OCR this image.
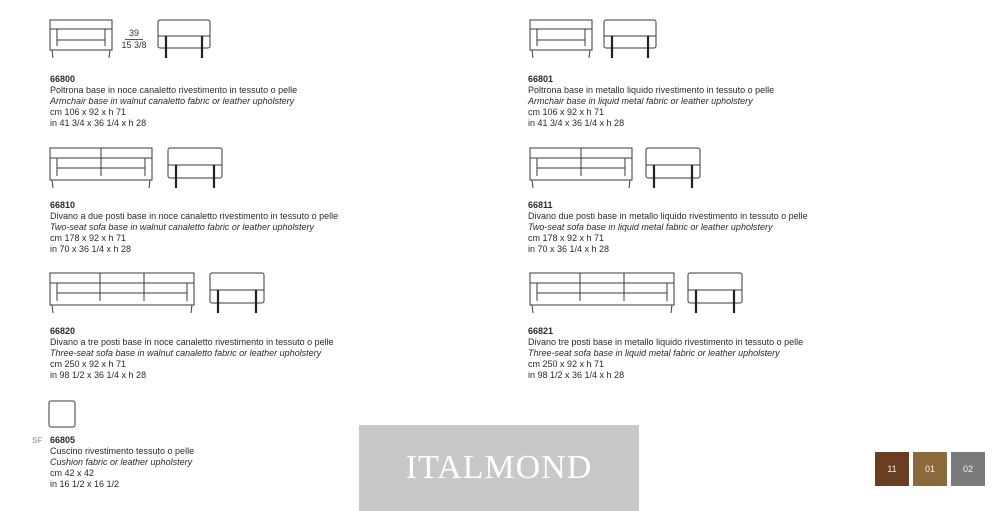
39
15 3/8
66800
Poltrona base in noce canaletto rivestimento in tessuto o pelle
Armchair base in walnut canaletto fabric or leather upholstery
cm 106 x 92 x h 71
in 41 3/4 x 36 1/4 x h 28
66801
Poltrona base in metallo liquido rivestimento in tessuto o pelle
Armchair base in liquid metal fabric or leather upholstery
cm 106 x 92 x h 71
in 41 3/4 x 36 1/4 x h 28
66810
Divano a due posti base in noce canaletto rivestimento in tessuto o pelle
Two-seat sofa base in walnut canaletto fabric or leather upholstery
cm 178 x 92 x h 71
in 70 x 36 1/4 x h 28
66811
Divano due posti base in metallo liquido rivestimento in tessuto o pelle
Two-seat sofa base in liquid metal fabric or leather upholstery
cm 178 x 92 x h 71
in 70 x 36 1/4 x h 28
66820
Divano a tre posti base in noce canaletto rivestimento in tessuto o pelle
Three-seat sofa base in walnut canaletto fabric or leather upholstery
cm 250 x 92 x h 71
in 98 1/2 x 36 1/4 x h 28
66821
Divano tre posti base in metallo liquido rivestimento in tessuto o pelle
Three-seat sofa base in liquid metal fabric or leather upholstery
cm 250 x 92 x h 71
in 98 1/2 x 36 1/4 x h 28
SF 66805
Cuscino rivestimento tessuto o pelle
Cushion fabric or leather upholstery
cm 42 x 42
in 16 1/2 x 16 1/2	ITALMOND	11	01	02
